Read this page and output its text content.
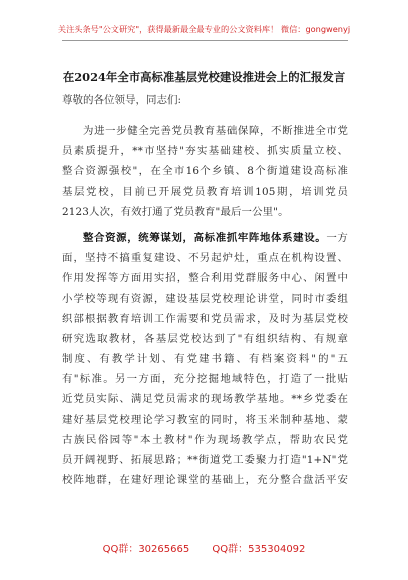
关注头条号"公文研究"，获得最新最全最专业的公文资料库！ 微信：gongwenyj
在2024年全市高标准基层党校建设推进会上的汇报发言
尊敬的各位领导，同志们:
为进一步健全完善党员教育基础保障，不断推进全市党
员素质提升，**市坚持"夯实基础建校、抓实质量立校、
整合资源强校"，在全市16个乡镇、8个街道建设高标准
基层党校，目前已开展党员教育培训105期，培训党员
2123人次，有效打通了党员教育"最后一公里"。
整合资源，统筹谋划，高标准抓牢阵地体系建设。一方
面，坚持不搞重复建设、不另起炉灶，重点在机构设置、
作用发挥等方面用实招，整合利用党群服务中心、闲置中
小学校等现有资源，建设基层党校理论讲堂，同时市委组
织部根据教育培训工作需要和党员需求，及时为基层党校
研究选取教材，各基层党校达到了"有组织结构、有规章
制度、有教学计划、有党建书籍、有档案资料"的"五
有"标准。另一方面，充分挖掘地域特色，打造了一批贴
近党员实际、满足党员需求的现场教学基地。**乡党委在
建好基层党校理论学习教室的同时，将玉米制种基地、蒙
古族民俗园等"本土教材"作为现场教学点，帮助农民党
员开阔视野、拓展思路；**街道党工委聚力打造"1+N"党
校阵地群，在建好理论课堂的基础上，充分整合盘活平安
QQ群：30265665 QQ群：535304092
